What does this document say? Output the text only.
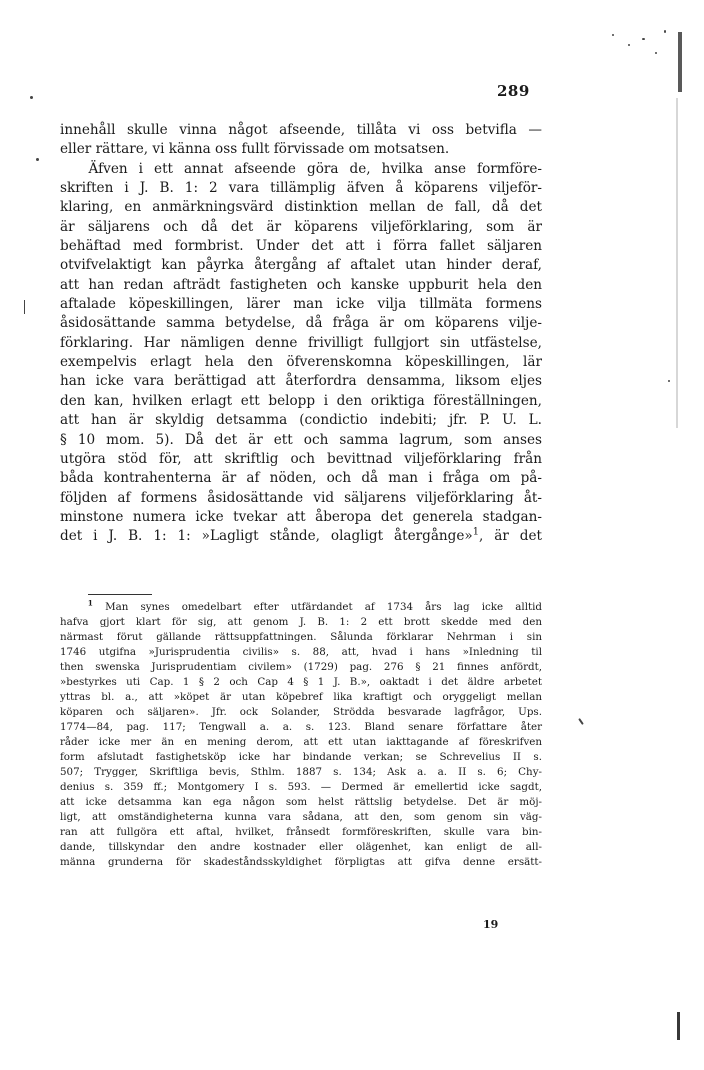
289

innehåll skulle vinna något afseende, tillåta vi oss betvifla —

eller rättare, vi känna oss fullt förvissade om motsatsen.

Äfven i ett annat afseende göra de, hvilka anse formföre-

skriften i J. B. 1: 2 vara tillämplig äfven å köparens viljeför-

klaring, en anmärkningsvärd distinktion mellan de fall, då det

är säljarens och då det är köparens viljeförklaring, som är

behäftad med formbrist. Under det att i förra fallet säljaren

otvifvelaktigt kan påyrka återgång af aftalet utan hinder deraf,

att han redan afträdt fastigheten och kanske uppburit hela den

aftalade köpeskillingen, lärer man icke vilja tillmäta formens

åsidosättande samma betydelse, då fråga är om köparens vilje-

förklaring. Har nämligen denne frivilligt fullgjort sin utfästelse,

exempelvis erlagt hela den öfverenskomna köpeskillingen, lär

han icke vara berättigad att återfordra densamma, liksom eljes

den kan, hvilken erlagt ett belopp i den oriktiga föreställningen,

att han är skyldig detsamma (condictio indebiti; jfr. P. U. L.

§ 10 mom. 5). Då det är ett och samma lagrum, som anses

utgöra stöd för, att skriftlig och bevittnad viljeförklaring från

båda kontrahenterna är af nöden, och då man i fråga om på-

följden af formens åsidosättande vid säljarens viljeförklaring åt-

minstone numera icke tvekar att åberopa det generela stadgan-

det i J. B. 1: 1: »Lagligt stånde, olagligt återgånge»$^1$, är det

$^1$ Man synes omedelbart efter utfärdandet af 1734 års lag icke alltid

hafva gjort klart för sig, att genom J. B. 1: 2 ett brott skedde med den

närmast förut gällande rättsuppfattningen. Sålunda förklarar Nehrman i sin

1746 utgifna »Jurisprudentia civilis» s. 88, att, hvad i hans »Inledning til

then swenska Jurisprudentiam civilem» (1729) pag. 276 § 21 finnes anfördt,

»bestyrkes uti Cap. 1 § 2 och Cap 4 § 1 J. B.», oaktadt i det äldre arbetet

yttras bl. a., att »köpet är utan köpebref lika kraftigt och oryggeligt mellan

köparen och säljaren». Jfr. ock Solander, Strödda besvarade lagfrågor, Ups.

1774—84, pag. 117; Tengwall a. a. s. 123. Bland senare författare åter

råder icke mer än en mening derom, att ett utan iakttagande af föreskrifven

form afslutadt fastighetsköp icke har bindande verkan; se Schrevelius II s.

507; Trygger, Skriftliga bevis, Sthlm. 1887 s. 134; Ask a. a. II s. 6; Chy-

denius s. 359 ff.; Montgomery I s. 593. — Dermed är emellertid icke sagdt,

att icke detsamma kan ega någon som helst rättslig betydelse. Det är möj-

ligt, att omständigheterna kunna vara sådana, att den, som genom sin väg-

ran att fullgöra ett aftal, hvilket, frånsedt formföreskriften, skulle vara bin-

dande, tillskyndar den andre kostnader eller olägenhet, kan enligt de all-

männa grunderna för skadeståndsskyldighet förpligtas att gifva denne ersätt-

19
